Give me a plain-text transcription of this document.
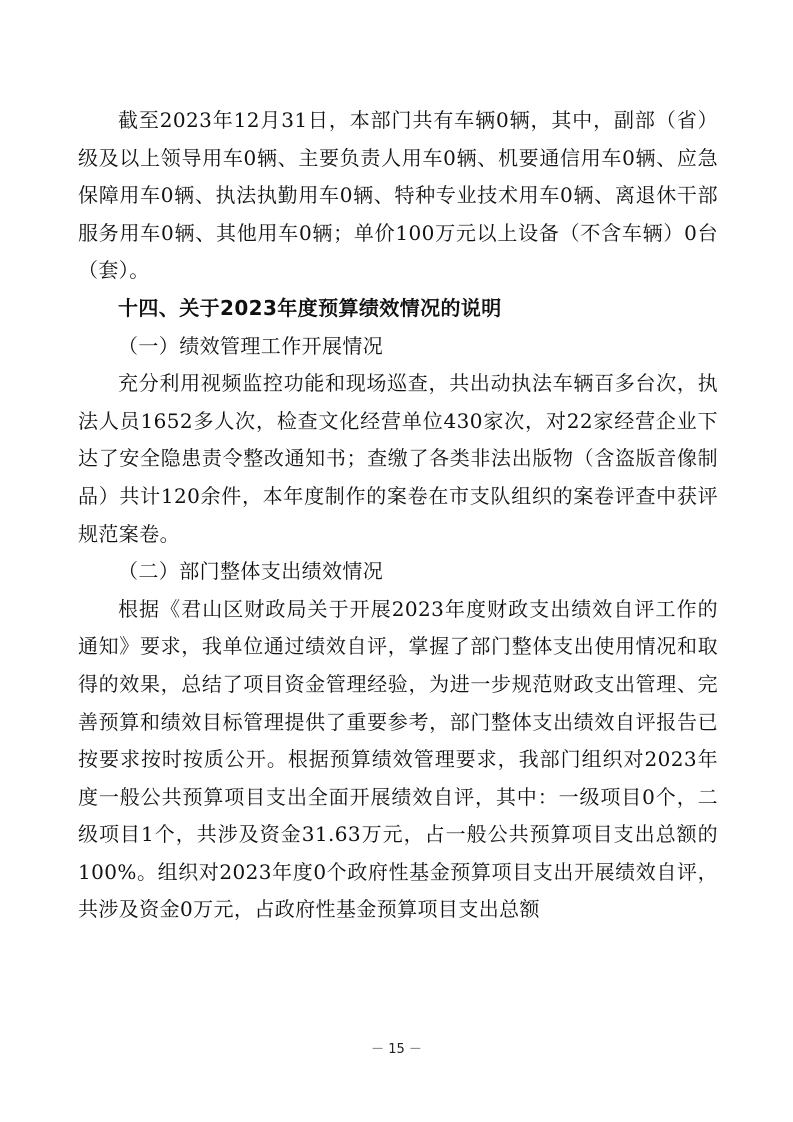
截至2023年12月31日，本部门共有车辆0辆，其中，副部（省）级及以上领导用车0辆、主要负责人用车0辆、机要通信用车0辆、应急保障用车0辆、执法执勤用车0辆、特种专业技术用车0辆、离退休干部服务用车0辆、其他用车0辆；单价100万元以上设备（不含车辆）0台（套）。

十四、关于2023年度预算绩效情况的说明

（一）绩效管理工作开展情况

充分利用视频监控功能和现场巡查，共出动执法车辆百多台次，执法人员1652多人次，检查文化经营单位430家次，对22家经营企业下达了安全隐患责令整改通知书；查缴了各类非法出版物（含盗版音像制品）共计120余件，本年度制作的案卷在市支队组织的案卷评查中获评规范案卷。

（二）部门整体支出绩效情况

根据《君山区财政局关于开展2023年度财政支出绩效自评工作的通知》要求，我单位通过绩效自评，掌握了部门整体支出使用情况和取得的效果，总结了项目资金管理经验，为进一步规范财政支出管理、完善预算和绩效目标管理提供了重要参考，部门整体支出绩效自评报告已按要求按时按质公开。根据预算绩效管理要求，我部门组织对2023年度一般公共预算项目支出全面开展绩效自评，其中：一级项目0个，二级项目1个，共涉及资金31.63万元，占一般公共预算项目支出总额的100%。组织对2023年度0个政府性基金预算项目支出开展绩效自评，共涉及资金0万元，占政府性基金预算项目支出总额

－ 15 －
